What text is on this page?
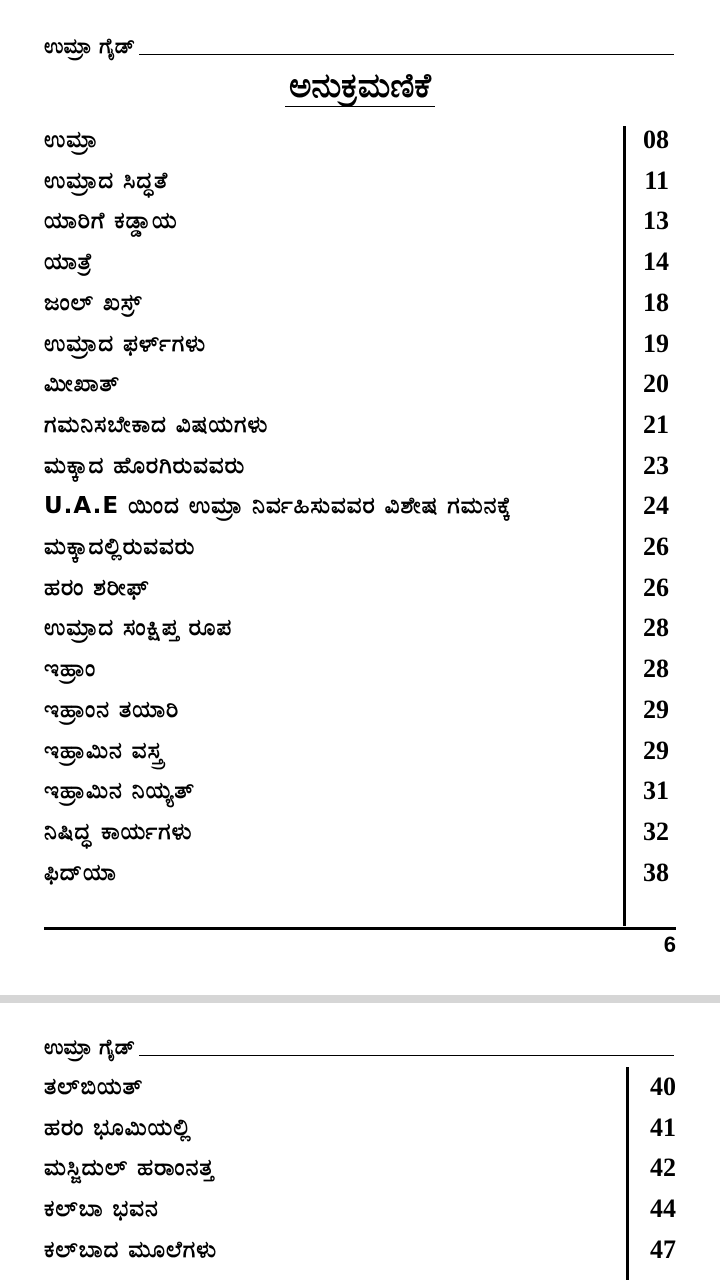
ಉಮ್ರಾ ಗೈಡ್
ಅನುಕ್ರಮಣಿಕೆ
ಉಮ್ರಾ	08
ಉಮ್ರಾದ ಸಿದ್ಧತೆ	11
ಯಾರಿಗೆ ಕಡ್ಡಾಯ	13
ಯಾತ್ರೆ	14
ಜಂಲ್ ಖಸ್ರ್	18
ಉಮ್ರಾದ ಫರ್ಳ್‌ಗಳು	19
ಮೀಖಾತ್	20
ಗಮನಿಸಬೇಕಾದ ವಿಷಯಗಳು	21
ಮಕ್ಕಾದ ಹೊರಗಿರುವವರು	23
U.A.E ಯಿಂದ ಉಮ್ರಾ ನಿರ್ವಹಿಸುವವರ ವಿಶೇಷ ಗಮನಕ್ಕೆ	24
ಮಕ್ಕಾದಲ್ಲಿರುವವರು	26
ಹರಂ ಶರೀಫ್	26
ಉಮ್ರಾದ ಸಂಕ್ಷಿಪ್ತ ರೂಪ	28
ಇಹ್ರಾಂ	28
ಇಹ್ರಾಂನ ತಯಾರಿ	29
ಇಹ್ರಾಮಿನ ವಸ್ತ್ರ	29
ಇಹ್ರಾಮಿನ ನಿಯ್ಯತ್	31
ನಿಷಿದ್ಧ ಕಾರ್ಯಗಳು	32
ಫಿದ್‌ಯಾ	38
6
ಉಮ್ರಾ ಗೈಡ್
ತಲ್‌ಬಿಯತ್	40
ಹರಂ ಭೂಮಿಯಲ್ಲಿ	41
ಮಸ್ಜಿದುಲ್ ಹರಾಂನತ್ತ	42
ಕಲ್‌ಬಾ ಭವನ	44
ಕಲ್‌ಬಾದ ಮೂಲೆಗಳು	47
